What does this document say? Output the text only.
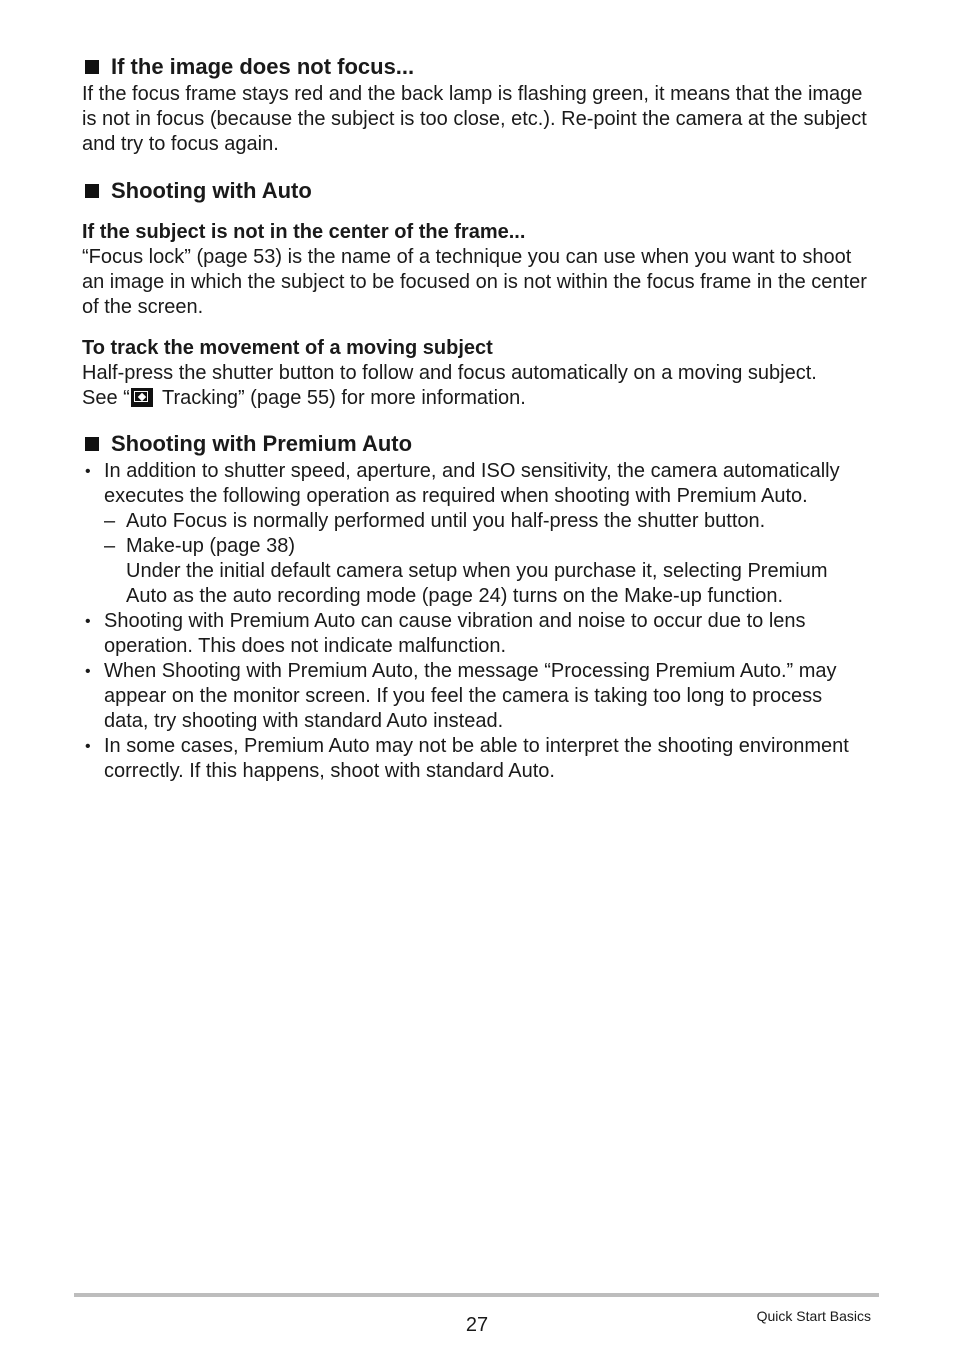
If the image does not focus...

If the focus frame stays red and the back lamp is flashing green, it means that the image is not in focus (because the subject is too close, etc.). Re-point the camera at the subject and try to focus again.

Shooting with Auto
If the subject is not in the center of the frame...

“Focus lock” (page 53) is the name of a technique you can use when you want to shoot an image in which the subject to be focused on is not within the focus frame in the center of the screen.

To track the movement of a moving subject

Half-press the shutter button to follow and focus automatically on a moving subject.
See “ Tracking” (page 55) for more information.

Shooting with Premium Auto
• In addition to shutter speed, aperture, and ISO sensitivity, the camera automatically executes the following operation as required when shooting with Premium Auto.
– Auto Focus is normally performed until you half-press the shutter button.
– Make-up (page 38)
Under the initial default camera setup when you purchase it, selecting Premium Auto as the auto recording mode (page 24) turns on the Make-up function.
• Shooting with Premium Auto can cause vibration and noise to occur due to lens operation. This does not indicate malfunction.
• When Shooting with Premium Auto, the message “Processing Premium Auto.” may appear on the monitor screen. If you feel the camera is taking too long to process data, try shooting with standard Auto instead.
• In some cases, Premium Auto may not be able to interpret the shooting environment correctly. If this happens, shoot with standard Auto.
27	Quick Start Basics
